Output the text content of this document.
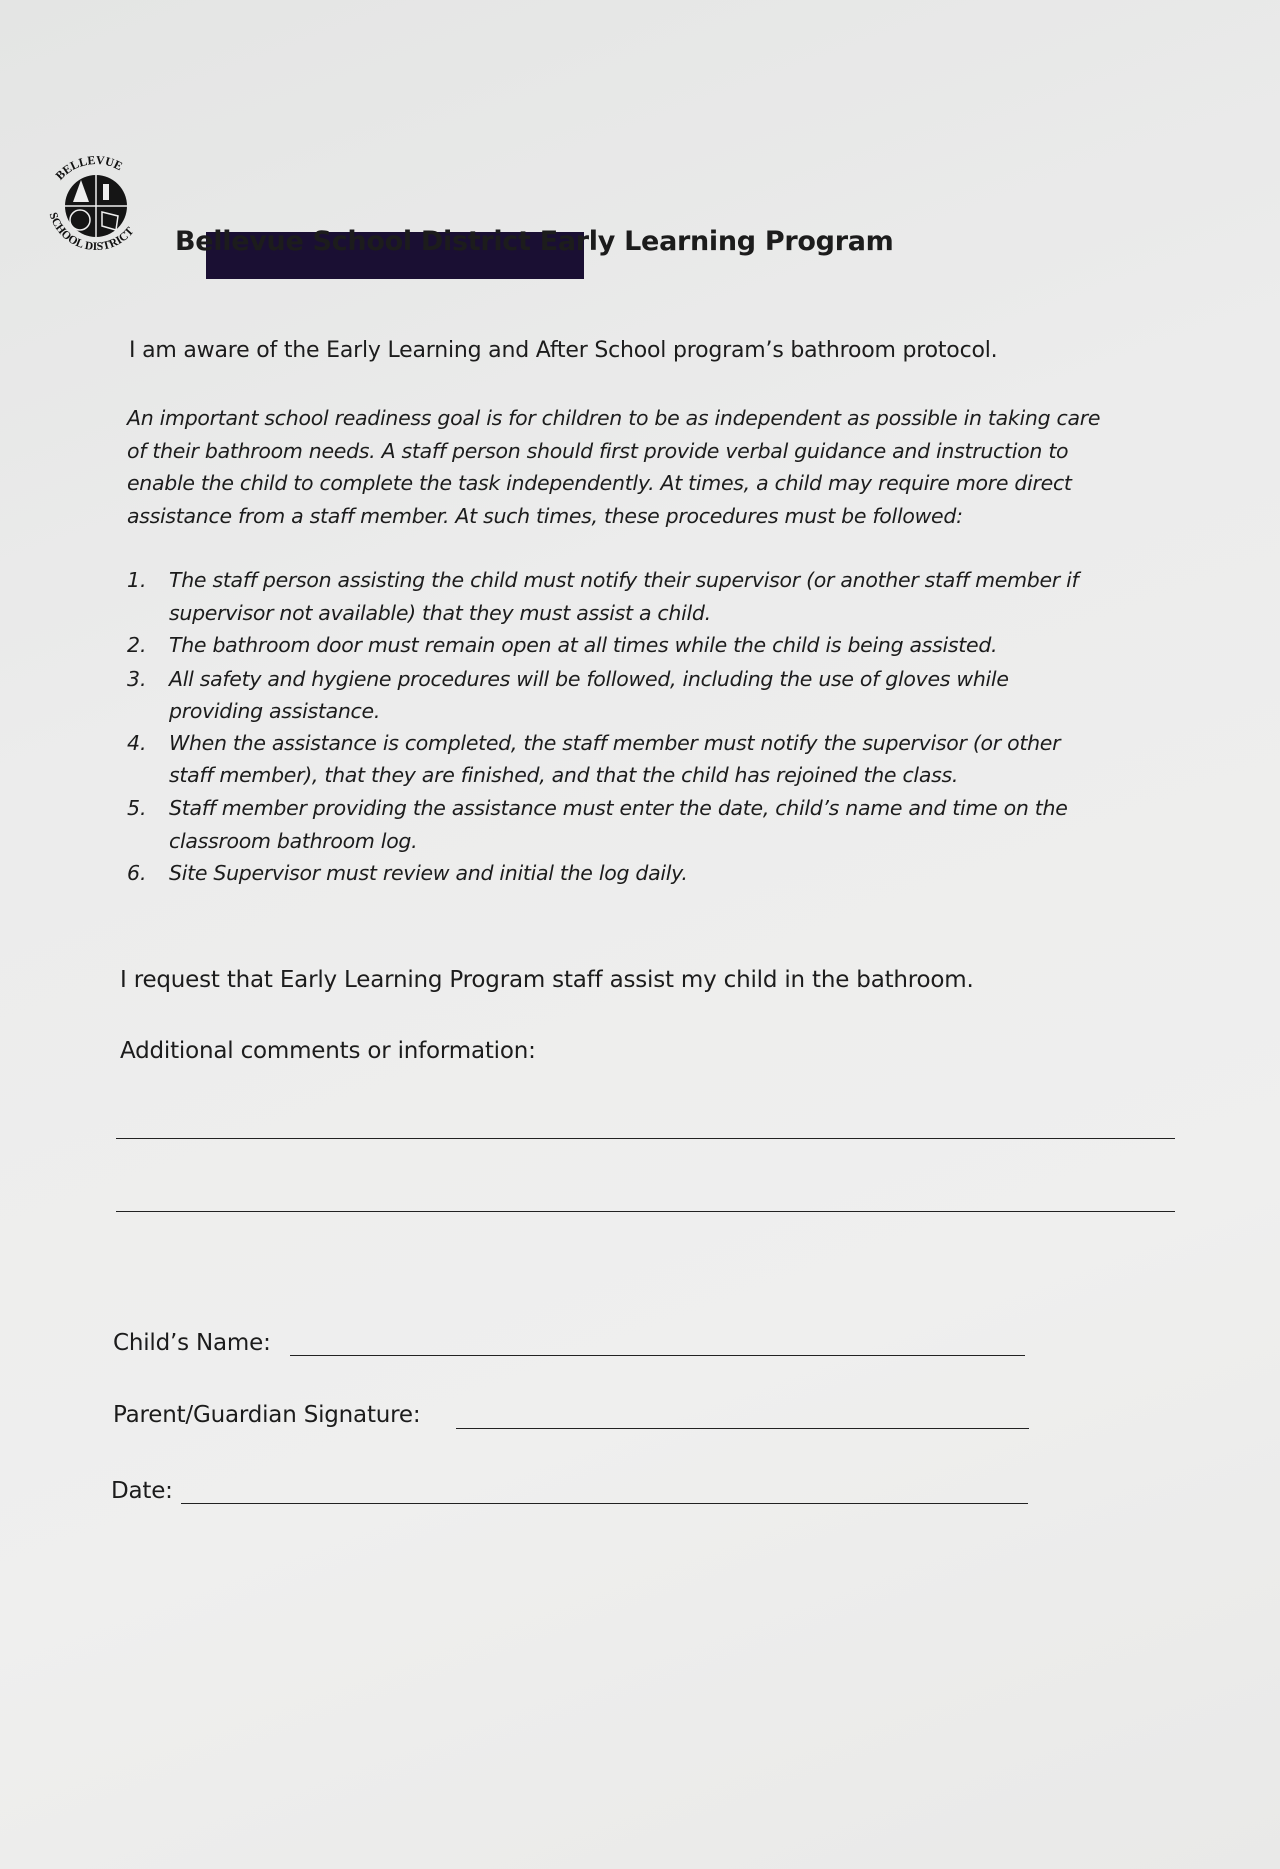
BELLEVUE
SCHOOL DISTRICT Bellevue School District Early Learning Program
I am aware of the Early Learning and After School program’s bathroom protocol.
An important school readiness goal is for children to be as independent as possible in taking care
of their bathroom needs. A staff person should first provide verbal guidance and instruction to
enable the child to complete the task independently. At times, a child may require more direct
assistance from a staff member. At such times, these procedures must be followed:
1. The staff person assisting the child must notify their supervisor (or another staff member if
supervisor not available) that they must assist a child.
2. The bathroom door must remain open at all times while the child is being assisted.
3. All safety and hygiene procedures will be followed, including the use of gloves while
providing assistance.
4. When the assistance is completed, the staff member must notify the supervisor (or other
staff member), that they are finished, and that the child has rejoined the class.
5. Staff member providing the assistance must enter the date, child’s name and time on the
classroom bathroom log.
6. Site Supervisor must review and initial the log daily.
I request that Early Learning Program staff assist my child in the bathroom.
Additional comments or information:
Child’s Name:
Parent/Guardian Signature:
Date:
